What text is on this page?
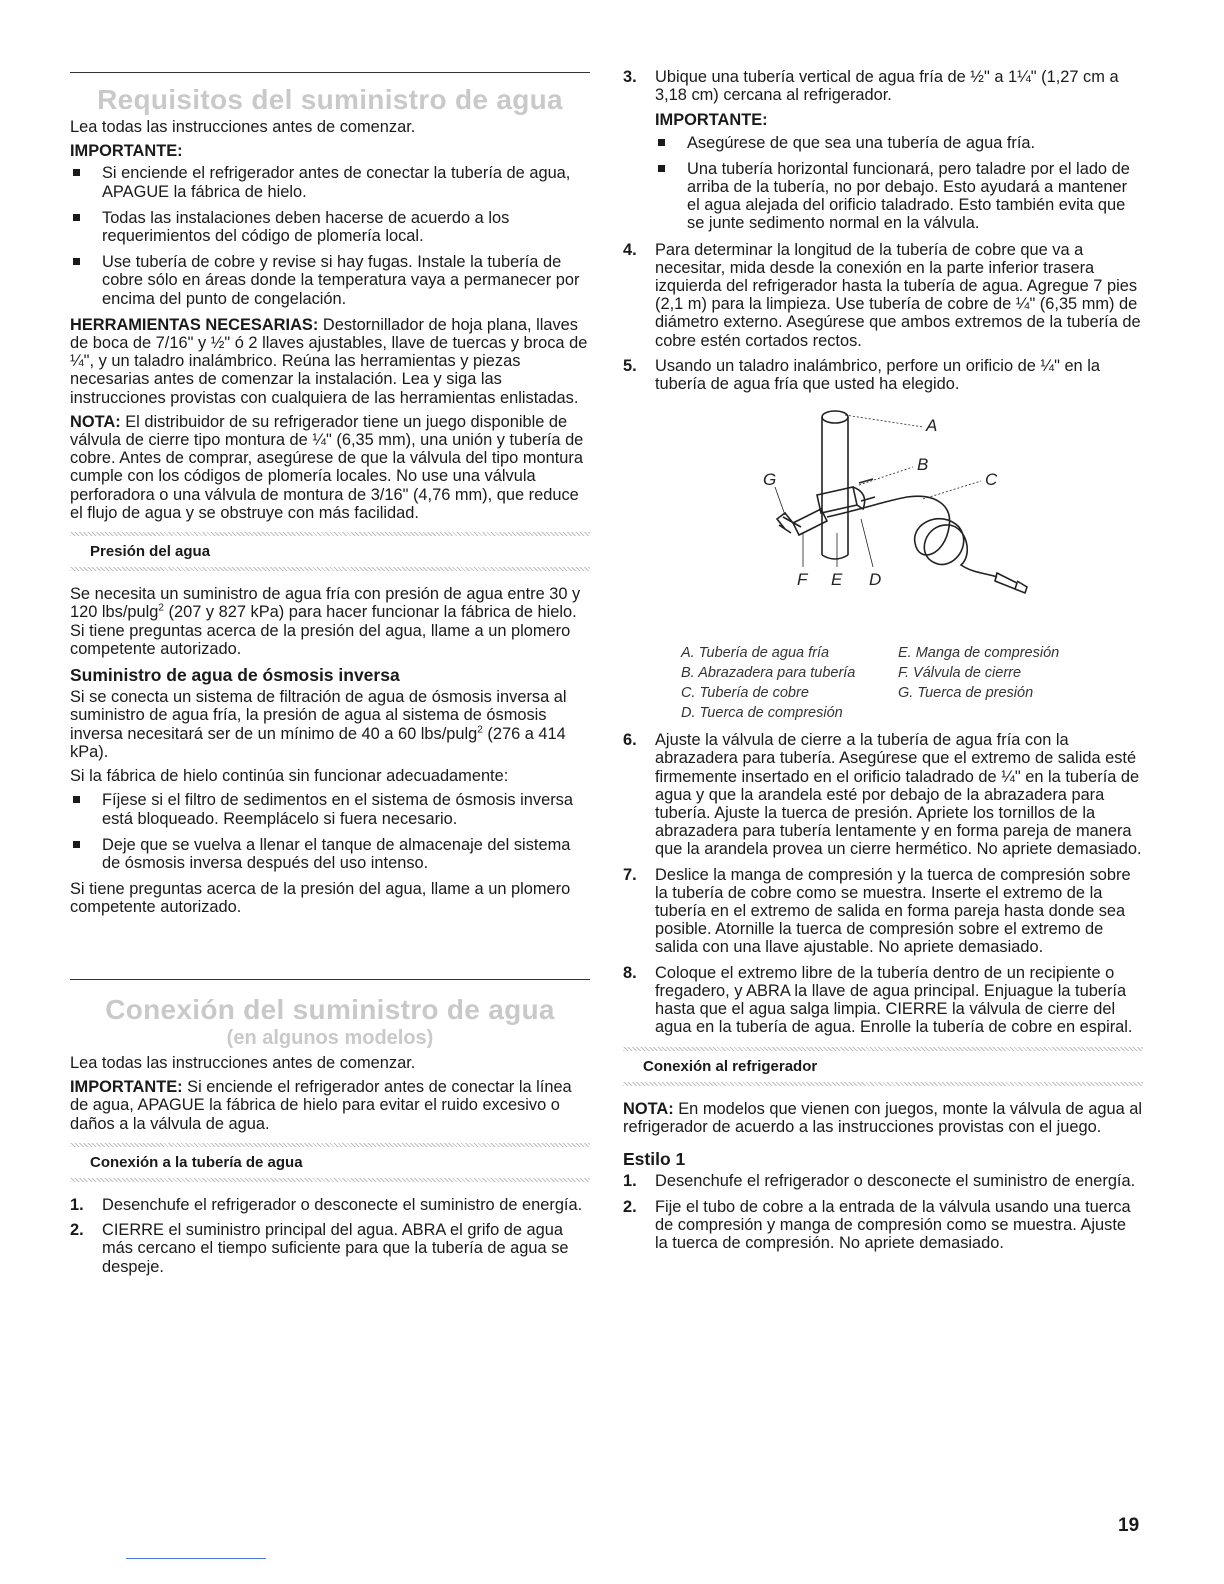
Requisitos del suministro de agua

Lea todas las instrucciones antes de comenzar.

IMPORTANTE:
Si enciende el refrigerador antes de conectar la tubería de agua, APAGUE la fábrica de hielo.
Todas las instalaciones deben hacerse de acuerdo a los requerimientos del código de plomería local.
Use tubería de cobre y revise si hay fugas. Instale la tubería de cobre sólo en áreas donde la temperatura vaya a permanecer por encima del punto de congelación.

HERRAMIENTAS NECESARIAS: Destornillador de hoja plana, llaves de boca de 7/16" y ½" ó 2 llaves ajustables, llave de tuercas y broca de ¼", y un taladro inalámbrico. Reúna las herramientas y piezas necesarias antes de comenzar la instalación. Lea y siga las instrucciones provistas con cualquiera de las herramientas enlistadas.

NOTA: El distribuidor de su refrigerador tiene un juego disponible de válvula de cierre tipo montura de ¼" (6,35 mm), una unión y tubería de cobre. Antes de comprar, asegúrese de que la válvula del tipo montura cumple con los códigos de plomería locales. No use una válvula perforadora o una válvula de montura de 3/16" (4,76 mm), que reduce el flujo de agua y se obstruye con más facilidad.

Presión del agua

Se necesita un suministro de agua fría con presión de agua entre 30 y 120 lbs/pulg$^2$ (207 y 827 kPa) para hacer funcionar la fábrica de hielo. Si tiene preguntas acerca de la presión del agua, llame a un plomero competente autorizado.

Suministro de agua de ósmosis inversa

Si se conecta un sistema de filtración de agua de ósmosis inversa al suministro de agua fría, la presión de agua al sistema de ósmosis inversa necesitará ser de un mínimo de 40 a 60 lbs/pulg$^2$ (276 a 414 kPa).

Si la fábrica de hielo continúa sin funcionar adecuadamente:

Fíjese si el filtro de sedimentos en el sistema de ósmosis inversa está bloqueado. Reemplácelo si fuera necesario.
Deje que se vuelva a llenar el tanque de almacenaje del sistema de ósmosis inversa después del uso intenso.

Si tiene preguntas acerca de la presión del agua, llame a un plomero competente autorizado.

Conexión del suministro de agua
(en algunos modelos)

Lea todas las instrucciones antes de comenzar.

IMPORTANTE: Si enciende el refrigerador antes de conectar la línea de agua, APAGUE la fábrica de hielo para evitar el ruido excesivo o daños a la válvula de agua.

Conexión a la tubería de agua
1. Desenchufe el refrigerador o desconecte el suministro de energía.
2. CIERRE el suministro principal del agua. ABRA el grifo de agua más cercano el tiempo suficiente para que la tubería de agua se despeje.
3. Ubique una tubería vertical de agua fría de ½" a 1¼" (1,27 cm a 3,18 cm) cercana al refrigerador.
IMPORTANTE:
Asegúrese de que sea una tubería de agua fría.
Una tubería horizontal funcionará, pero taladre por el lado de arriba de la tubería, no por debajo. Esto ayudará a mantener el agua alejada del orificio taladrado. Esto también evita que se junte sedimento normal en la válvula.
4. Para determinar la longitud de la tubería de cobre que va a necesitar, mida desde la conexión en la parte inferior trasera izquierda del refrigerador hasta la tubería de agua. Agregue 7 pies (2,1 m) para la limpieza. Use tubería de cobre de ¼" (6,35 mm) de diámetro externo. Asegúrese que ambos extremos de la tubería de cobre estén cortados rectos.
5. Usando un taladro inalámbrico, perfore un orificio de ¼" en la tubería de agua fría que usted ha elegido.
A
B
C
G
F E D
A. Tubería de agua fría
B. Abrazadera para tubería
C. Tubería de cobre
D. Tuerca de compresión
E. Manga de compresión
F. Válvula de cierre
G. Tuerca de presión
6. Ajuste la válvula de cierre a la tubería de agua fría con la abrazadera para tubería. Asegúrese que el extremo de salida esté firmemente insertado en el orificio taladrado de ¼" en la tubería de agua y que la arandela esté por debajo de la abrazadera para tubería. Ajuste la tuerca de presión. Apriete los tornillos de la abrazadera para tubería lentamente y en forma pareja de manera que la arandela provea un cierre hermético. No apriete demasiado.
7. Deslice la manga de compresión y la tuerca de compresión sobre la tubería de cobre como se muestra. Inserte el extremo de la tubería en el extremo de salida en forma pareja hasta donde sea posible. Atornille la tuerca de compresión sobre el extremo de salida con una llave ajustable. No apriete demasiado.
8. Coloque el extremo libre de la tubería dentro de un recipiente o fregadero, y ABRA la llave de agua principal. Enjuague la tubería hasta que el agua salga limpia. CIERRE la válvula de cierre del agua en la tubería de agua. Enrolle la tubería de cobre en espiral.
Conexión al refrigerador

NOTA: En modelos que vienen con juegos, monte la válvula de agua al refrigerador de acuerdo a las instrucciones provistas con el juego.

Estilo 1
1. Desenchufe el refrigerador o desconecte el suministro de energía.
2. Fije el tubo de cobre a la entrada de la válvula usando una tuerca de compresión y manga de compresión como se muestra. Ajuste la tuerca de compresión. No apriete demasiado.
19
